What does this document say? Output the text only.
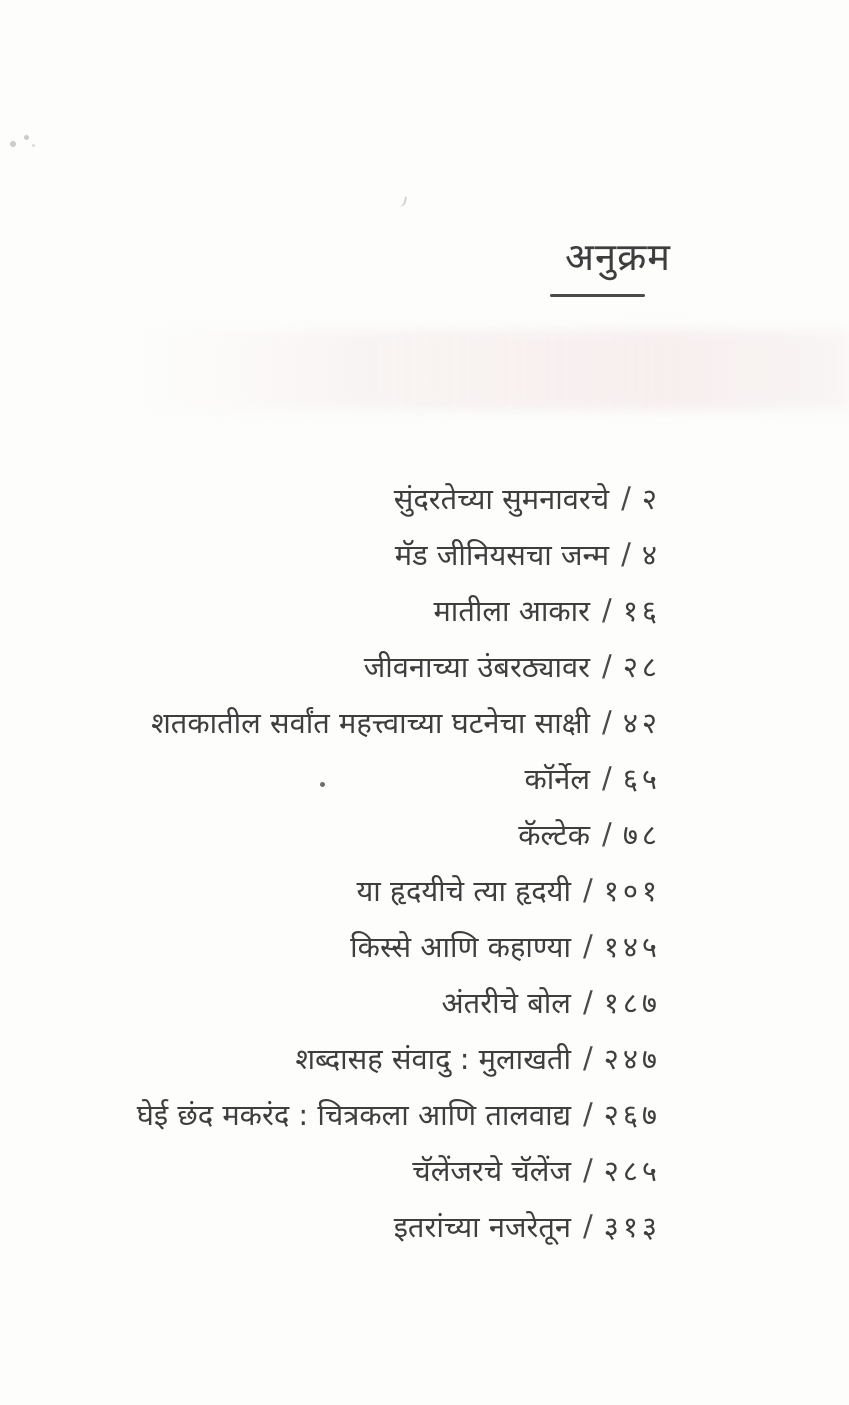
अनुक्रम
सुंदरतेच्या सुमनावरचे / २
मॅड जीनियसचा जन्म / ४
मातीला आकार / १६
जीवनाच्या उंबरठ्यावर / २८
शतकातील सर्वांत महत्त्वाच्या घटनेचा साक्षी / ४२
कॉर्नेल / ६५
कॅल्टेक / ७८
या हृदयीचे त्या हृदयी / १०१
किस्से आणि कहाण्या / १४५
अंतरीचे बोल / १८७
शब्दासह संवादु : मुलाखती / २४७
घेई छंद मकरंद : चित्रकला आणि तालवाद्य / २६७
चॅलेंजरचे चॅलेंज / २८५
इतरांच्या नजरेतून / ३१३
